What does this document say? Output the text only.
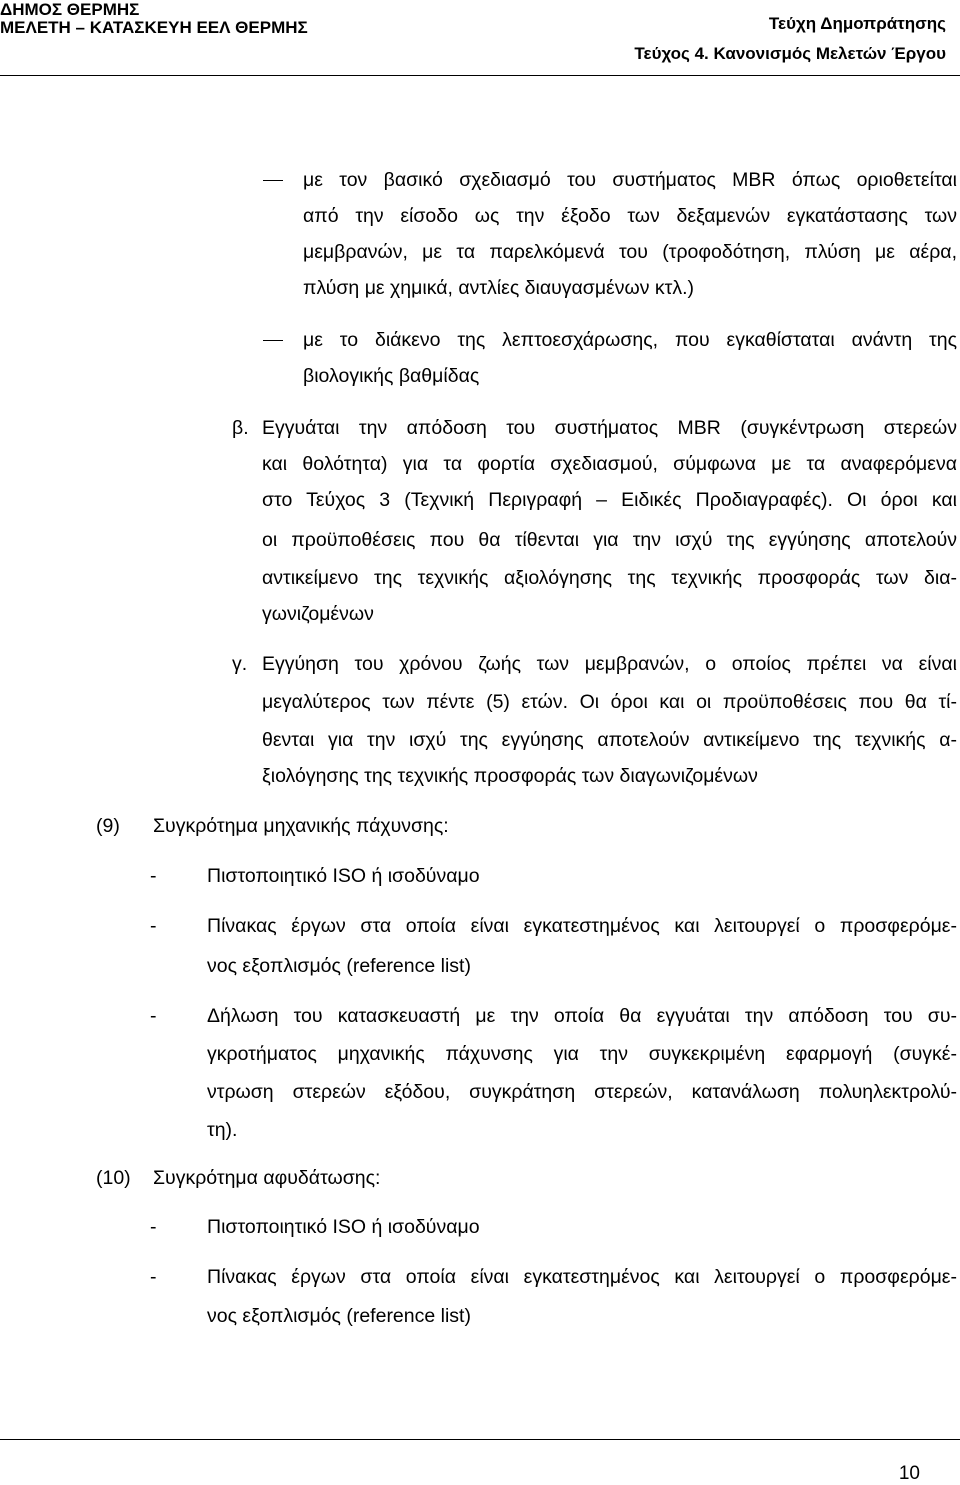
ΔΗΜΟΣ ΘΕΡΜΗΣ
ΜΕΛΕΤΗ – ΚΑΤΑΣΚΕΥΗ ΕΕΛ ΘΕΡΜΗΣ	Τεύχη Δημοπράτησης
Τεύχος 4. Κανονισμός Μελετών Έργου
με τον βασικό σχεδιασμό του συστήματος MBR όπως οριοθετείται
από την είσοδο ως την έξοδο των δεξαμενών εγκατάστασης των
μεμβρανών, με τα παρελκόμενά του (τροφοδότηση, πλύση με αέρα,
πλύση με χημικά, αντλίες διαυγασμένων κτλ.)
με το διάκενο της λεπτοεσχάρωσης, που εγκαθίσταται ανάντη της
βιολογικής βαθμίδας
β. Εγγυάται την απόδοση του συστήματος MBR (συγκέντρωση στερεών
και θολότητα) για τα φορτία σχεδιασμού, σύμφωνα με τα αναφερόμενα
στο Τεύχος 3 (Τεχνική Περιγραφή – Ειδικές Προδιαγραφές). Οι όροι και
οι προϋποθέσεις που θα τίθενται για την ισχύ της εγγύησης αποτελούν
αντικείμενο της τεχνικής αξιολόγησης της τεχνικής προσφοράς των δια-
γωνιζομένων
γ. Εγγύηση του χρόνου ζωής των μεμβρανών, ο οποίος πρέπει να είναι
μεγαλύτερος των πέντε (5) ετών. Οι όροι και οι προϋποθέσεις που θα τί-
θενται για την ισχύ της εγγύησης αποτελούν αντικείμενο της τεχνικής α-
ξιολόγησης της τεχνικής προσφοράς των διαγωνιζομένων
(9) Συγκρότημα μηχανικής πάχυνσης:
-	Πιστοποιητικό ISO ή ισοδύναμο
-	Πίνακας έργων στα οποία είναι εγκατεστημένος και λειτουργεί ο προσφερόμε-
νος εξοπλισμός (reference list)
-	Δήλωση του κατασκευαστή με την οποία θα εγγυάται την απόδοση του συ-
γκροτήματος μηχανικής πάχυνσης για την συγκεκριμένη εφαρμογή (συγκέ-
ντρωση στερεών εξόδου, συγκράτηση στερεών, κατανάλωση πολυηλεκτρολύ-
τη).
(10) Συγκρότημα αφυδάτωσης:
-	Πιστοποιητικό ISO ή ισοδύναμο
-	Πίνακας έργων στα οποία είναι εγκατεστημένος και λειτουργεί ο προσφερόμε-
νος εξοπλισμός (reference list)
10
